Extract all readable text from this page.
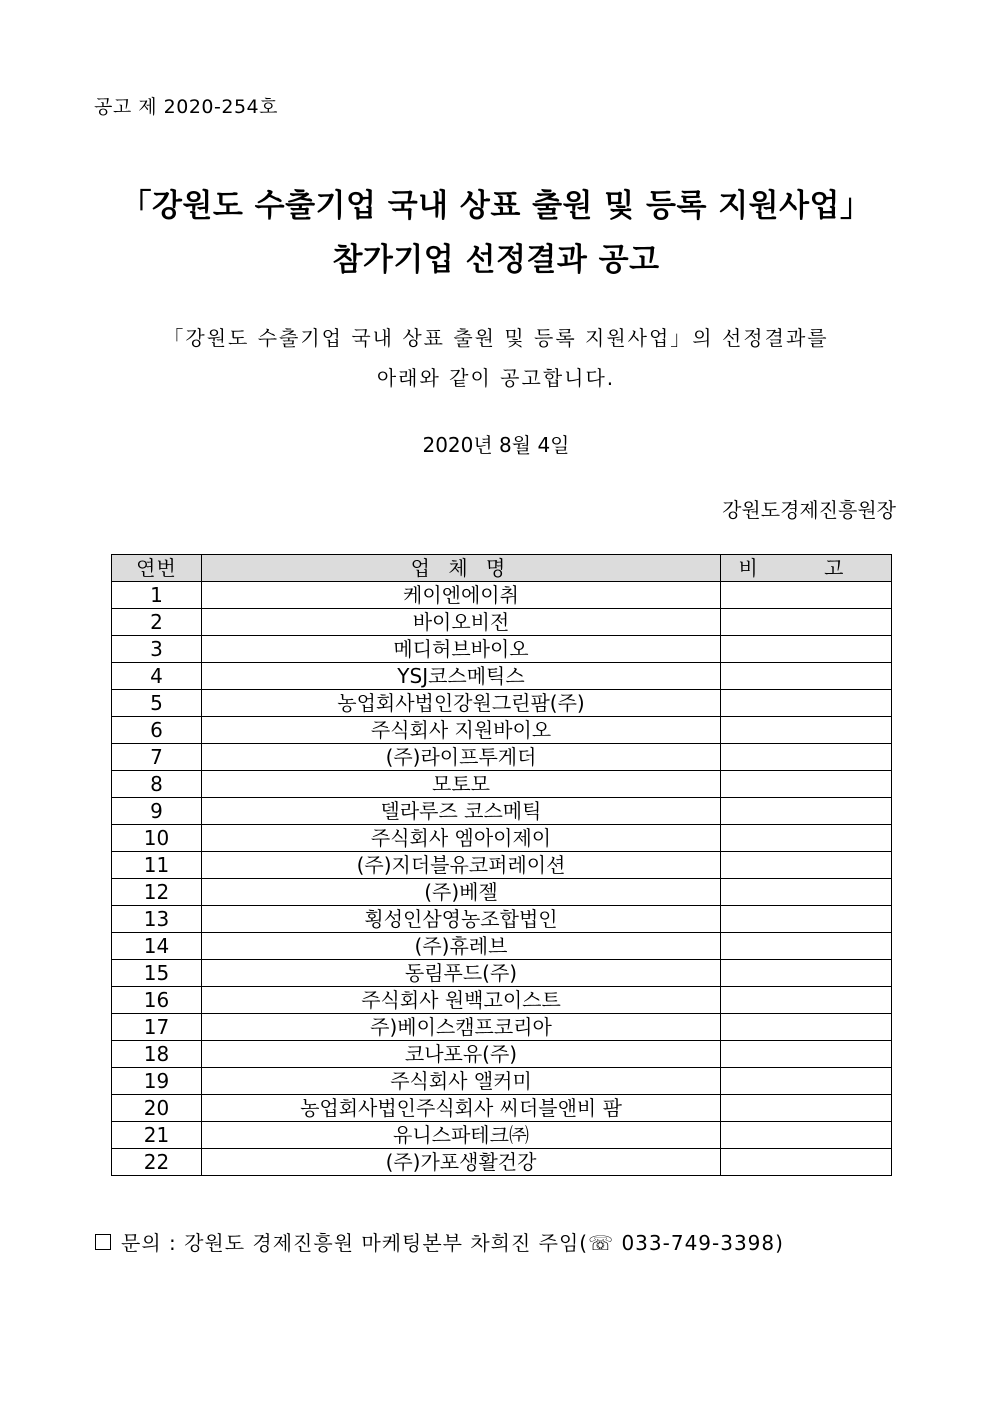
공고 제 2020-254호
「강원도 수출기업 국내 상표 출원 및 등록 지원사업」
참가기업 선정결과 공고
「강원도 수출기업 국내 상표 출원 및 등록 지원사업」의 선정결과를
아래와 같이 공고합니다.
2020년 8월 4일
강원도경제진흥원장
연번	업 체 명	비 고
1	케이엔에이취	
2	바이오비전	
3	메디허브바이오	
4	YSJ코스메틱스	
5	농업회사법인강원그린팜(주)	
6	주식회사 지원바이오	
7	(주)라이프투게더	
8	모토모	
9	델라루즈 코스메틱	
10	주식회사 엠아이제이	
11	(주)지더블유코퍼레이션	
12	(주)베젤	
13	횡성인삼영농조합법인	
14	(주)휴레브	
15	동림푸드(주)	
16	주식회사 원백고이스트	
17	주)베이스캠프코리아	
18	코나포유(주)	
19	주식회사 앨커미	
20	농업회사법인주식회사 씨더블앤비 팜	
21	유니스파테크㈜	
22	(주)가포생활건강	
문의 : 강원도 경제진흥원 마케팅본부 차희진 주임(☏ 033-749-3398)
